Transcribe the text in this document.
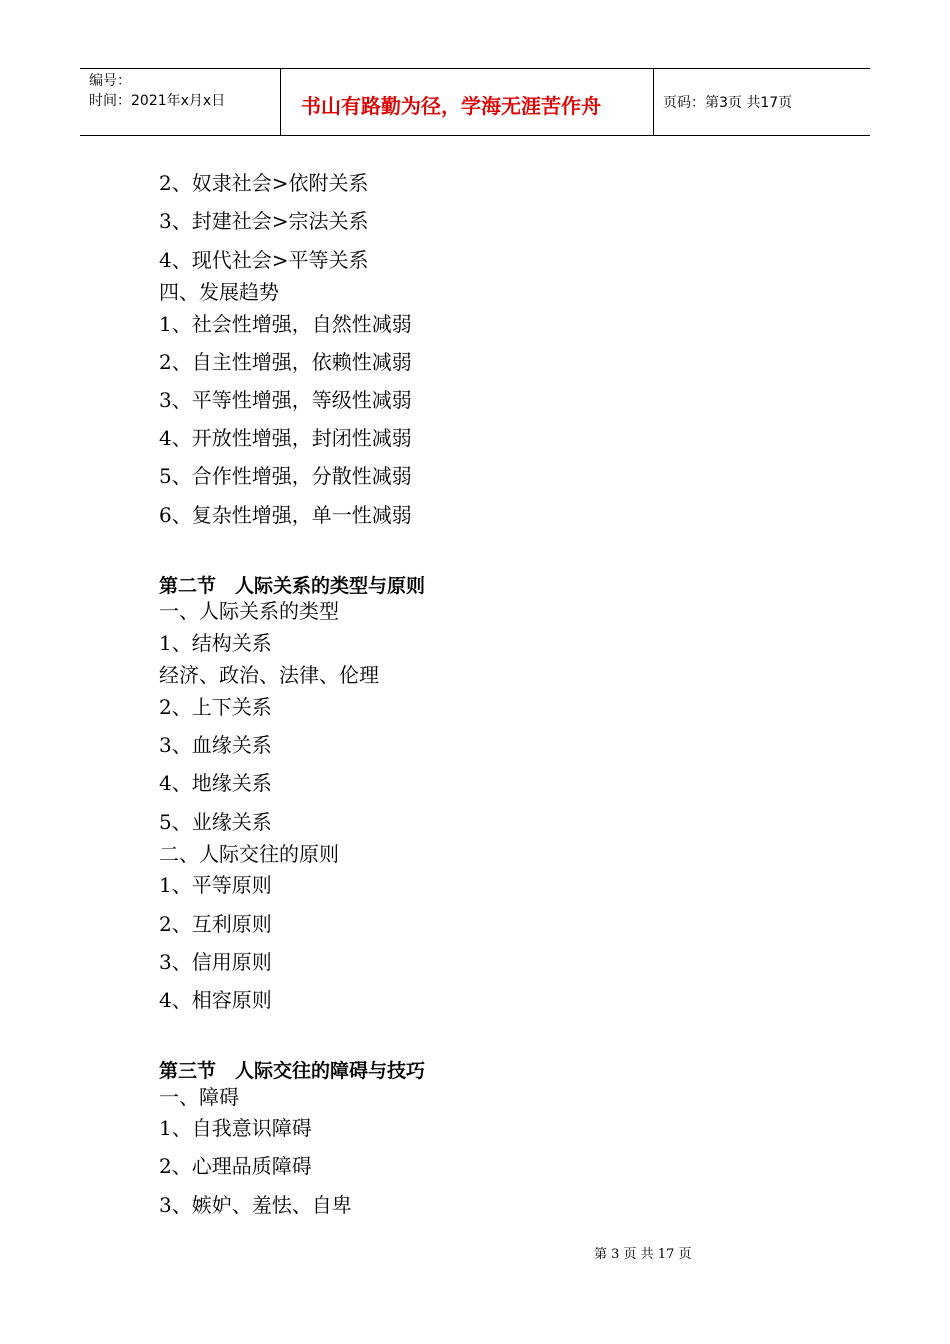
编号：
时间：2021年x月x日	书山有路勤为径，学海无涯苦作舟	页码：第3页 共17页
2、奴隶社会>依附关系
3、封建社会>宗法关系
4、现代社会>平等关系
四、发展趋势
1、社会性增强，自然性减弱
2、自主性增强，依赖性减弱
3、平等性增强，等级性减弱
4、开放性增强，封闭性减弱
5、合作性增强，分散性减弱
6、复杂性增强，单一性减弱
第二节　人际关系的类型与原则
一、人际关系的类型
1、结构关系
经济、政治、法律、伦理
2、上下关系
3、血缘关系
4、地缘关系
5、业缘关系
二、人际交往的原则
1、平等原则
2、互利原则
3、信用原则
4、相容原则
第三节　人际交往的障碍与技巧
一、障碍
1、自我意识障碍
2、心理品质障碍
3、嫉妒、羞怯、自卑
第 3 页 共 17 页
